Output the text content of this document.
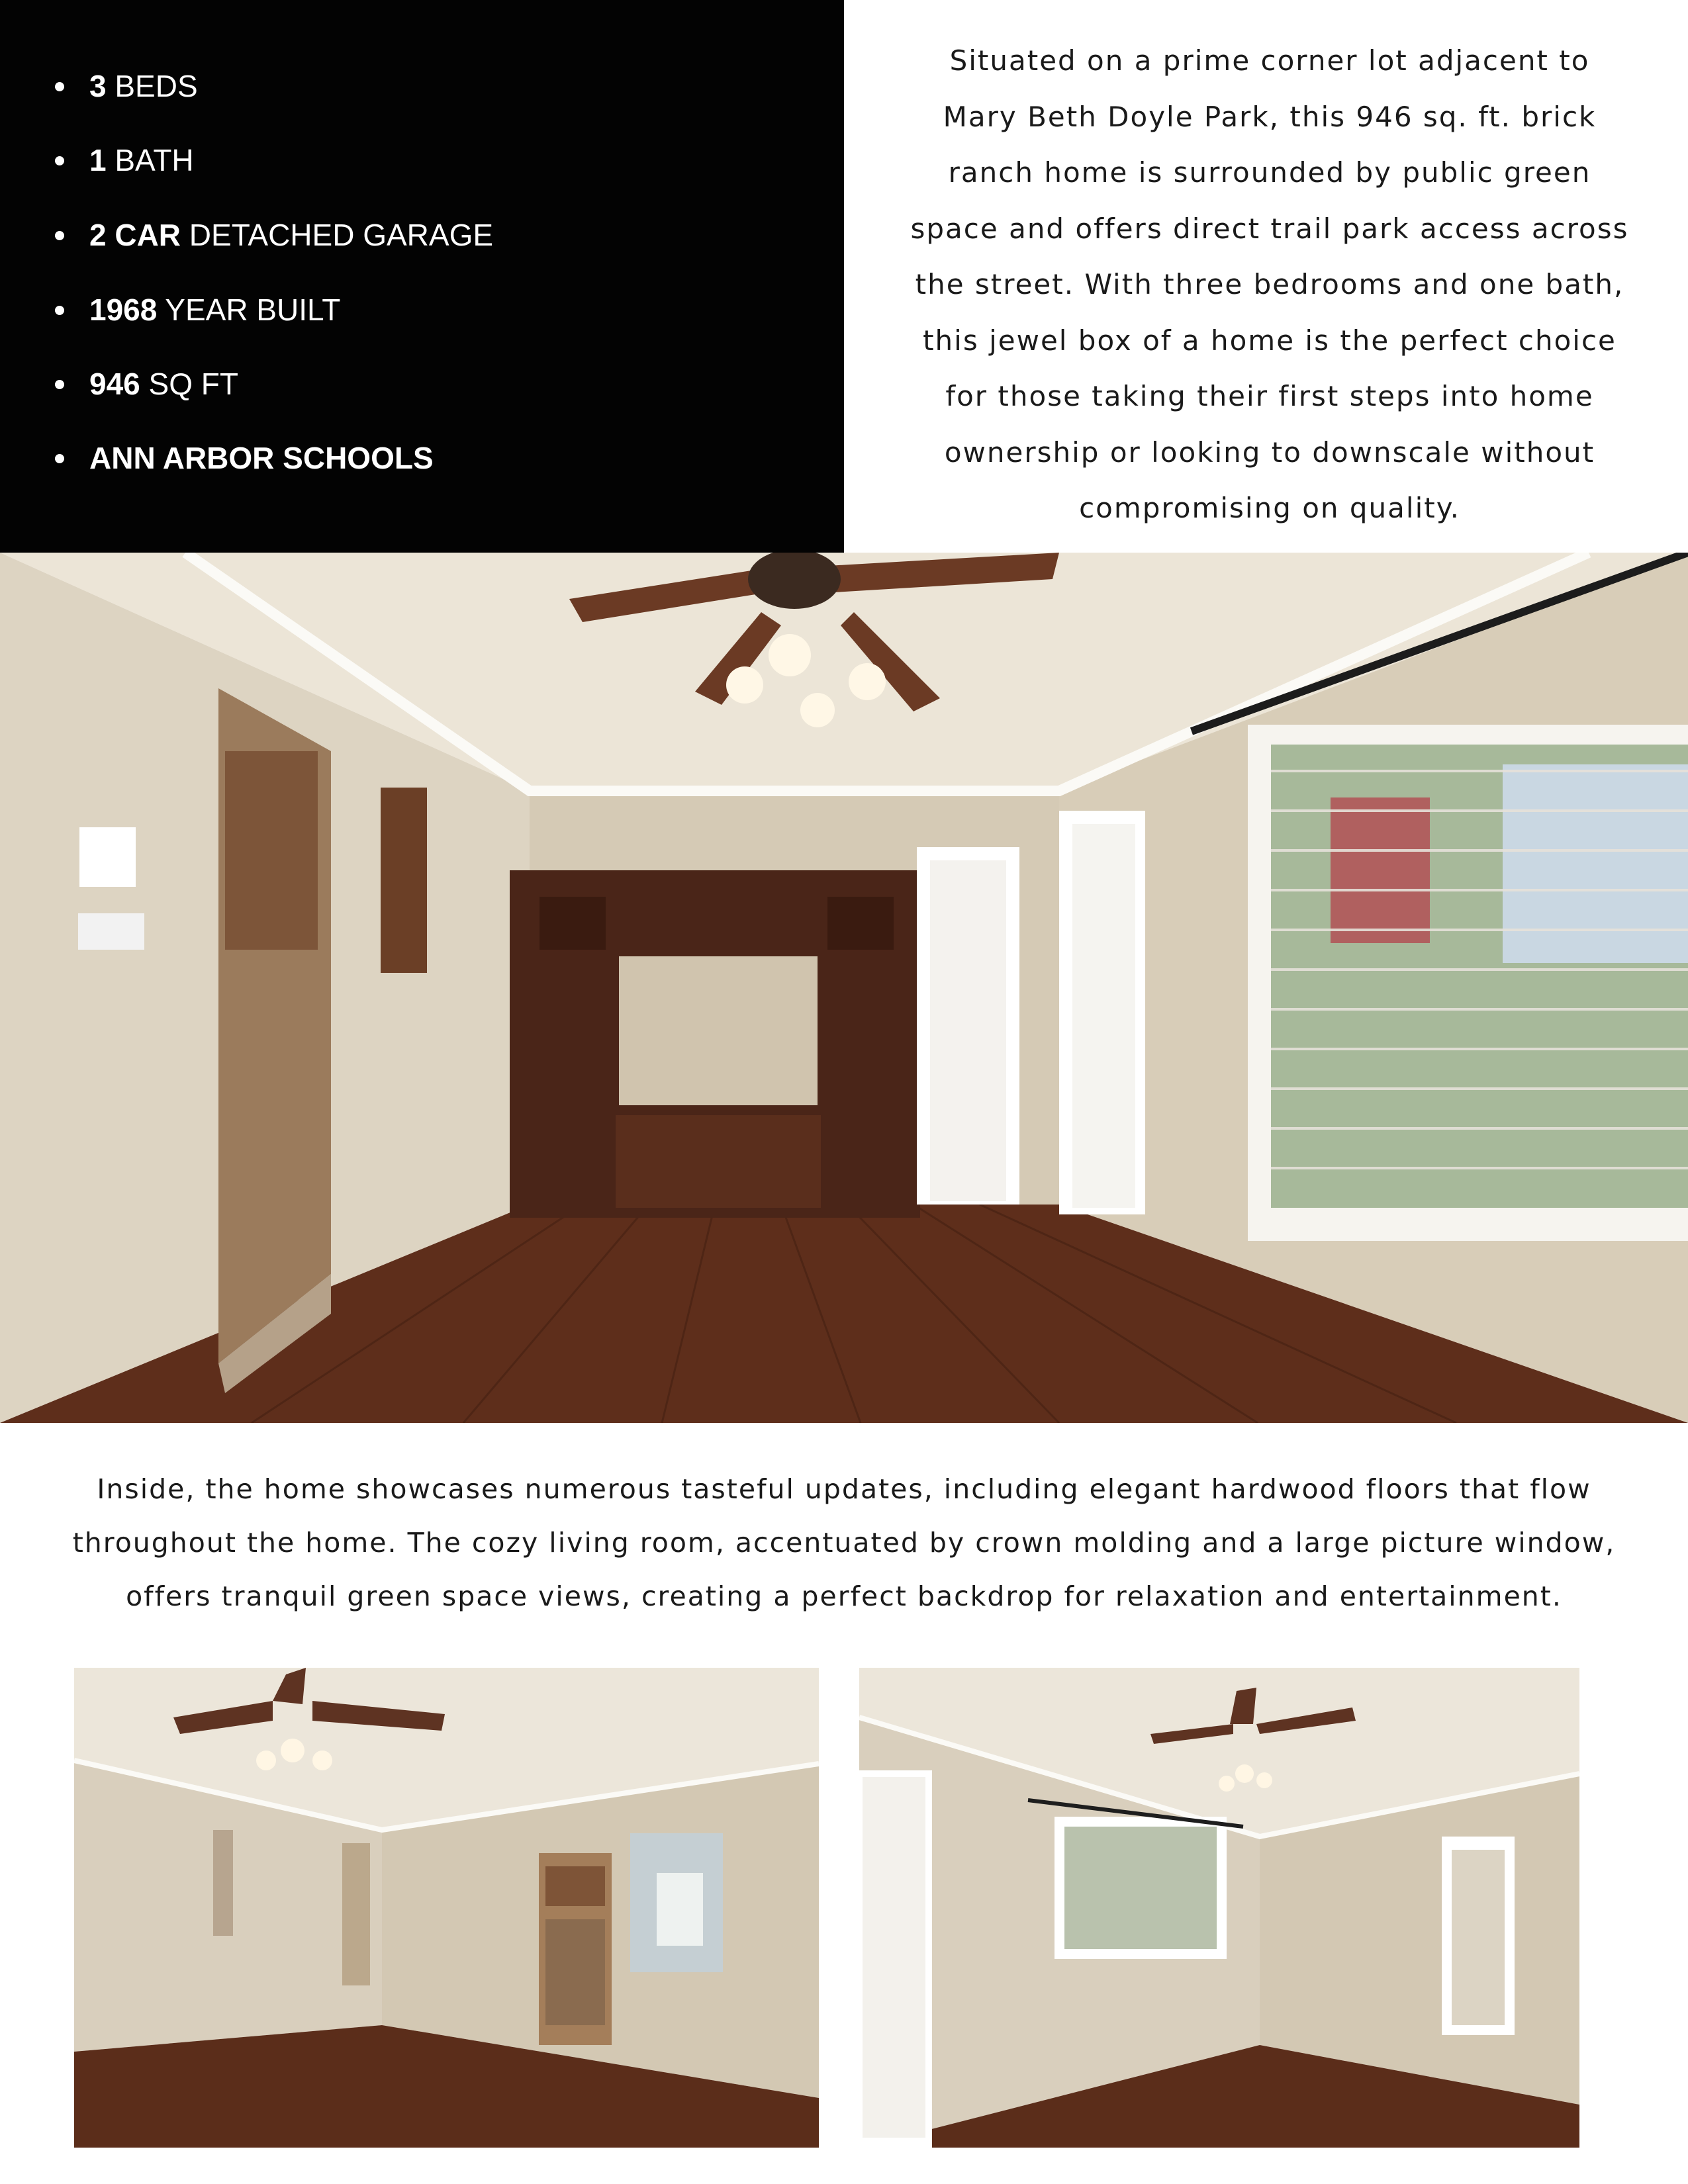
3 BEDS
1 BATH
2 CAR DETACHED GARAGE
1968 YEAR BUILT
946 SQ FT
ANN ARBOR SCHOOLS

Situated on a prime corner lot adjacent to
Mary Beth Doyle Park, this 946 sq. ft. brick
ranch home is surrounded by public green
space and offers direct trail park access across
the street. With three bedrooms and one bath,
this jewel box of a home is the perfect choice
for those taking their first steps into home
ownership or looking to downscale without
compromising on quality.

Inside, the home showcases numerous tasteful updates, including elegant hardwood floors that flow
throughout the home. The cozy living room, accentuated by crown molding and a large picture window,
offers tranquil green space views, creating a perfect backdrop for relaxation and entertainment.
